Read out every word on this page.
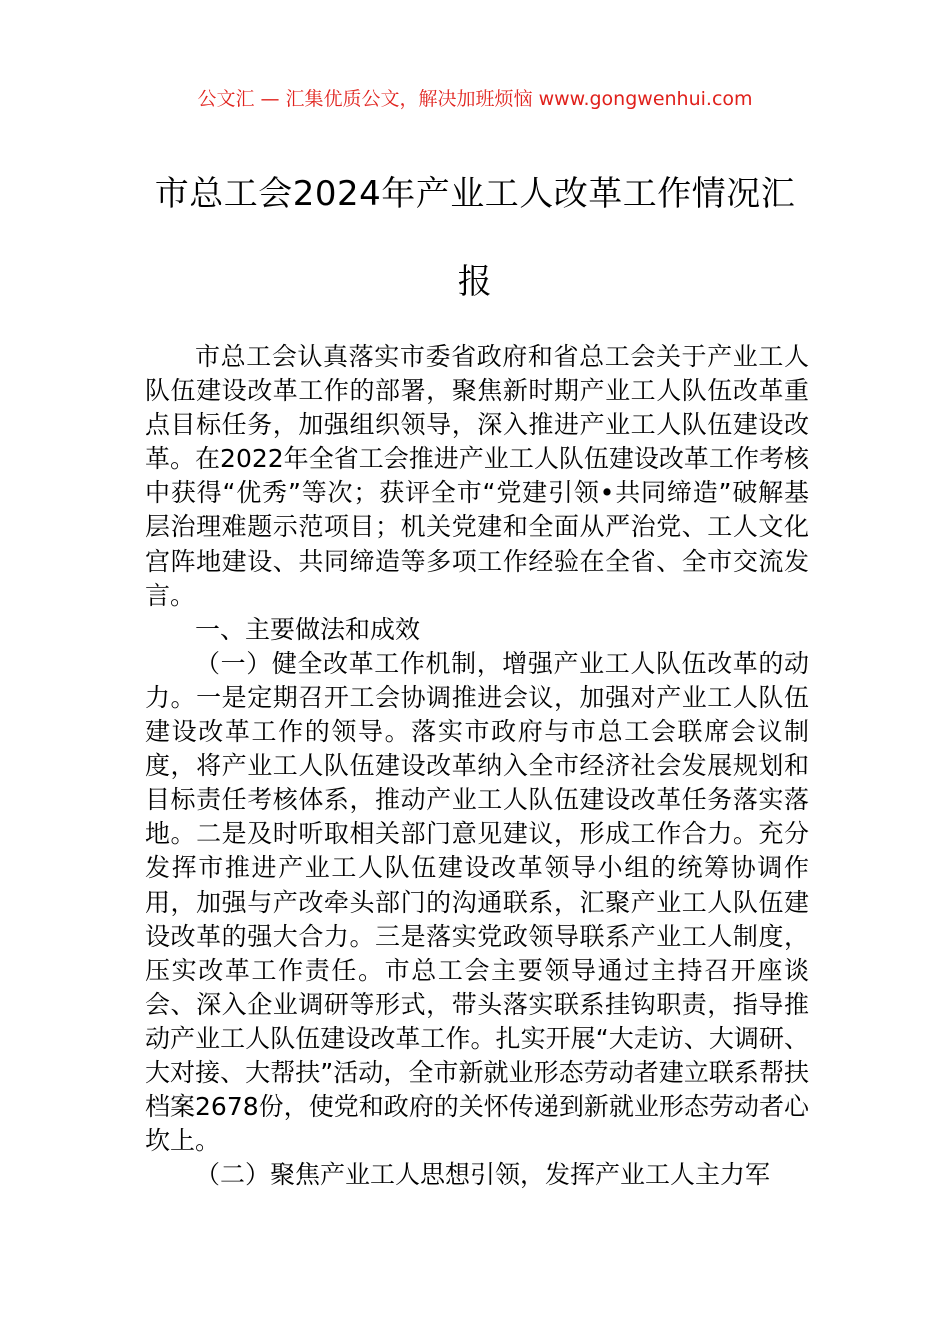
公文汇 — 汇集优质公文，解决加班烦恼 www.gongwenhui.com
市总工会2024年产业工人改革工作情况汇报

市总工会认真落实市委省政府和省总工会关于产业工人队伍建设改革工作的部署，聚焦新时期产业工人队伍改革重点目标任务，加强组织领导，深入推进产业工人队伍建设改革。在2022年全省工会推进产业工人队伍建设改革工作考核中获得“优秀”等次；获评全市“党建引领•共同缔造”破解基层治理难题示范项目；机关党建和全面从严治党、工人文化宫阵地建设、共同缔造等多项工作经验在全省、全市交流发言。

一、主要做法和成效

（一）健全改革工作机制，增强产业工人队伍改革的动力。一是定期召开工会协调推进会议，加强对产业工人队伍建设改革工作的领导。落实市政府与市总工会联席会议制度，将产业工人队伍建设改革纳入全市经济社会发展规划和目标责任考核体系，推动产业工人队伍建设改革任务落实落地。二是及时听取相关部门意见建议，形成工作合力。充分发挥市推进产业工人队伍建设改革领导小组的统筹协调作用，加强与产改牵头部门的沟通联系，汇聚产业工人队伍建设改革的强大合力。三是落实党政领导联系产业工人制度，压实改革工作责任。市总工会主要领导通过主持召开座谈会、深入企业调研等形式，带头落实联系挂钩职责，指导推动产业工人队伍建设改革工作。扎实开展“大走访、大调研、大对接、大帮扶”活动，全市新就业形态劳动者建立联系帮扶档案2678份，使党和政府的关怀传递到新就业形态劳动者心坎上。

（二）聚焦产业工人思想引领，发挥产业工人主力军
